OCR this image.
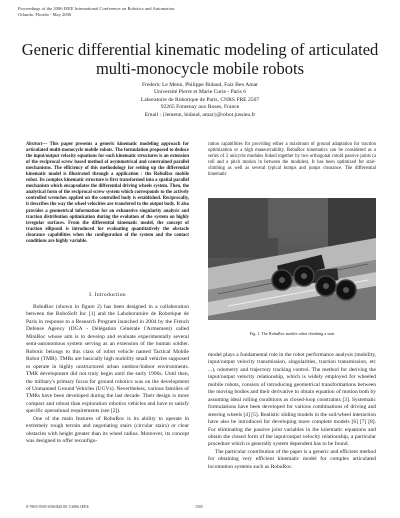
Proceedings of the 2006 IEEE International Conference on Robotics and Automation
Orlando, Florida - May 2006
Generic differential kinematic modeling of articulated multi-monocycle mobile robots
Frederic Le Menn, Philippe Bidaud, Faiz Ben Amar
Université Pierre et Marie Curie - Paris 6
Laboratoire de Robotique de Paris, CNRS FRE 2507
92265 Fontenay aux Roses, France
Email : {lemenn, bidaud, amar}@robot.jussieu.fr
Abstract— This paper presents a generic kinematic modeling approach for articulated multi-monocycle mobile robots. The formulation proposed to deduce the input/output velocity equations for such kinematic structures is an extension of the reciprocal screw based method of asymmetrical and constrained parallel mechanisms. The efficiency of this methodology for setting up the differential kinematic model is illustrated through a application : the RobuRoc mobile robot. Its complex kinematic structure is first transformed into a spatial parallel mechanism which encapsulates the differential driving wheels system. Then, the analytical form of the reciprocal screw system which corresponds to the actively controlled wrenches applied on the controlled body is established. Reciprocally, it describes the way the wheel velocities are transfered to the output body. It also provides a geometrical information for an exhaustive singularity analysis and traction distribution optimization during the evolution of the system on highly irregular surfaces. From the differential kinematic model, the concept of traction ellipsoid is introduced for evaluating quantitatively the obstacle clearance capabilities when the configuration of the system and the contact conditions are highly variable.
ration capabilities for providing either a maximum of ground adaptation for traction optimization or a high maneuvrability. RobuRoc kinematics can be considered as a series of 3 unicycle modules linked together by two orthogonal rotoid passive joints (a roll and a pitch motion in between the modules). It has been optimized for stair-climbing as well as several typical bumps and jumps clearance. The differential kinematic
Fig. 1. The RobuRoc mobile robot climbing a stair
I. Introduction

RobuRoc (shown in figure 2) has been designed in a collaboration between the RoboSoft Inc [1] and the Laboboratoire de Robotique de Paris in response to a Research Program launched in 2004 by the French Defense Agency (DGA - Délégation Générale l'Armement) called MiniRoc whose aim is to develop and evaluate experimentally several semi-autonomous system serving as an extension of the human soldier. Robotic belongs to this class of robot vehicle named Tactical Mobile Robot (TMR). TMRs are basically high mobility small vehicles supposed to operate in highly unstructured urban outdoor/indoor environments. TMR development did not truly begin until the early 1990s. Until then, the military's primary focus for ground robotics was on the development of Unmanned Ground Vehicles (UGVs). Nevertheless, various families of TMRs have been developed during the last decade. Their design is more compact and robust than exploration robotics vehicles and have to satisfy specific operational requirements (see [2]).

One of the main features of RobuRoc is its ability to operate in extremely rough terrain and negotiating stairs (circular stairs) or clear obstacles with height greater than its wheel radius. Moreover, its concept was designed to offer reconfigu-

model plays a fundamental role in the robot performance analysis (mobility, input/output velocity transmission, singularities, traction transmission, etc ...), odometry and trajectory tracking control. The method for deriving the input/output velocity relationship, which is widely employed for wheeled mobile robots, consists of introducing geometrical transformations between the moving bodies and their derivative to obtain equation of motion both by assuming ideal rolling conditions as closed-loop constraints [3]. Systematic formulations have been developed for various combinations of driving and steering wheels [4] [5]. Realistic sliding models in the soil/wheel interaction have also be introduced for developing more complete models [6] [7] [8]. For eliminating the passive joint variables in the kinematic equations and obtain the closed form of the input/output velocity relationship, a particular procedure which is generally system dependent has to be found.

The particular contribution of the paper is a generic and efficient method for obtaining very efficient kinematic model for complex articulated locomotion systems such as RobuRoc.

0-7803-9505-0/06/$20.00 ©2006 IEEE	1505
